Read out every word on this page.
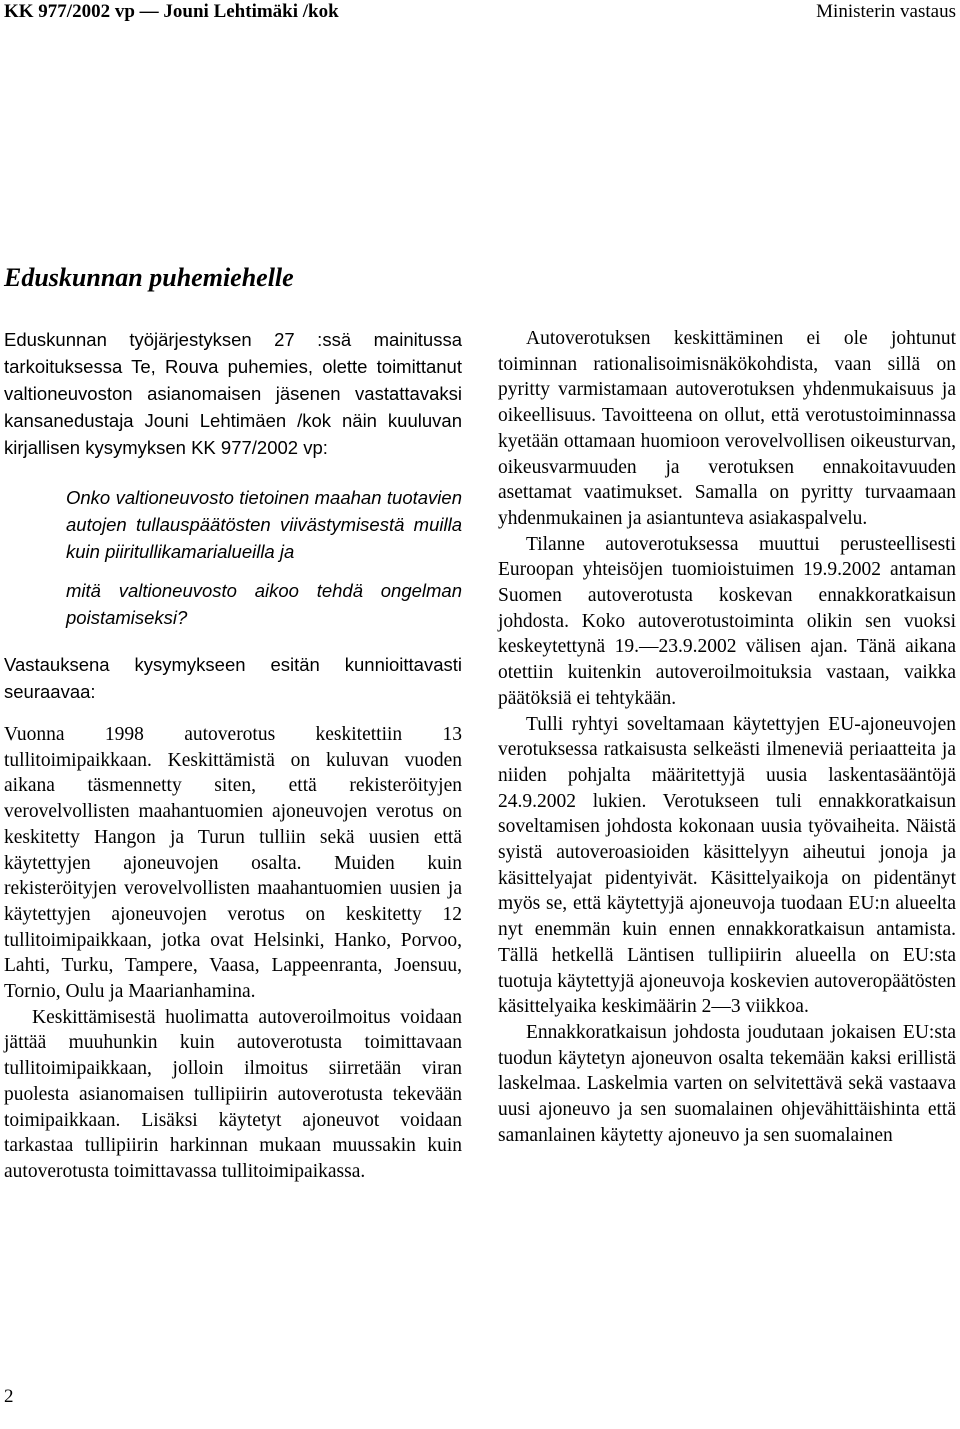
KK 977/2002 vp — Jouni Lehtimäki /kok	Ministerin vastaus
Eduskunnan puhemiehelle

Eduskunnan työjärjestyksen 27 :ssä mainitussa tarkoituksessa Te, Rouva puhemies, olette toimittanut valtioneuvoston asianomaisen jäsenen vastattavaksi kansanedustaja Jouni Lehtimäen /kok näin kuuluvan kirjallisen kysymyksen KK 977/2002 vp:

Onko valtioneuvosto tietoinen maahan tuotavien autojen tullauspäätösten viivästymisestä muilla kuin piiritullikamarialueilla ja

mitä valtioneuvosto aikoo tehdä ongelman poistamiseksi?

Vastauksena kysymykseen esitän kunnioittavasti seuraavaa:

Vuonna 1998 autoverotus keskitettiin 13 tullitoimipaikkaan. Keskittämistä on kuluvan vuoden aikana täsmennetty siten, että rekisteröityjen verovelvollisten maahantuomien ajoneuvojen verotus on keskitetty Hangon ja Turun tulliin sekä uusien että käytettyjen ajoneuvojen osalta. Muiden kuin rekisteröityjen verovelvollisten maahantuomien uusien ja käytettyjen ajoneuvojen verotus on keskitetty 12 tullitoimipaikkaan, jotka ovat Helsinki, Hanko, Porvoo, Lahti, Turku, Tampere, Vaasa, Lappeenranta, Joensuu, Tornio, Oulu ja Maarianhamina.

Keskittämisestä huolimatta autoveroilmoitus voidaan jättää muuhunkin kuin autoverotusta toimittavaan tullitoimipaikkaan, jolloin ilmoitus siirretään viran puolesta asianomaisen tullipiirin autoverotusta tekevään toimipaikkaan. Lisäksi käytetyt ajoneuvot voidaan tarkastaa tullipiirin harkinnan mukaan muussakin kuin autoverotusta toimittavassa tullitoimipaikassa.

Autoverotuksen keskittäminen ei ole johtunut toiminnan rationalisoimisnäkökohdista, vaan sillä on pyritty varmistamaan autoverotuksen yhdenmukaisuus ja oikeellisuus. Tavoitteena on ollut, että verotustoiminnassa kyetään ottamaan huomioon verovelvollisen oikeusturvan, oikeusvarmuuden ja verotuksen ennakoitavuuden asettamat vaatimukset. Samalla on pyritty turvaamaan yhdenmukainen ja asiantunteva asiakaspalvelu.

Tilanne autoverotuksessa muuttui perusteellisesti Euroopan yhteisöjen tuomioistuimen 19.9.2002 antaman Suomen autoverotusta koskevan ennakkoratkaisun johdosta. Koko autoverotustoiminta olikin sen vuoksi keskeytettynä 19.—23.9.2002 välisen ajan. Tänä aikana otettiin kuitenkin autoveroilmoituksia vastaan, vaikka päätöksiä ei tehtykään.

Tulli ryhtyi soveltamaan käytettyjen EU-ajoneuvojen verotuksessa ratkaisusta selkeästi ilmeneviä periaatteita ja niiden pohjalta määritettyjä uusia laskentasääntöjä 24.9.2002 lukien. Verotukseen tuli ennakkoratkaisun soveltamisen johdosta kokonaan uusia työvaiheita. Näistä syistä autoveroasioiden käsittelyyn aiheutui jonoja ja käsittelyajat pidentyivät. Käsittelyaikoja on pidentänyt myös se, että käytettyjä ajoneuvoja tuodaan EU:n alueelta nyt enemmän kuin ennen ennakkoratkaisun antamista. Tällä hetkellä Läntisen tullipiirin alueella on EU:sta tuotuja käytettyjä ajoneuvoja koskevien autoveropäätösten käsittelyaika keskimäärin 2—3 viikkoa.

Ennakkoratkaisun johdosta joudutaan jokaisen EU:sta tuodun käytetyn ajoneuvon osalta tekemään kaksi erillistä laskelmaa. Laskelmia varten on selvitettävä sekä vastaava uusi ajoneuvo ja sen suomalainen ohjevähittäishinta että samanlainen käytetty ajoneuvo ja sen suomalainen

2
